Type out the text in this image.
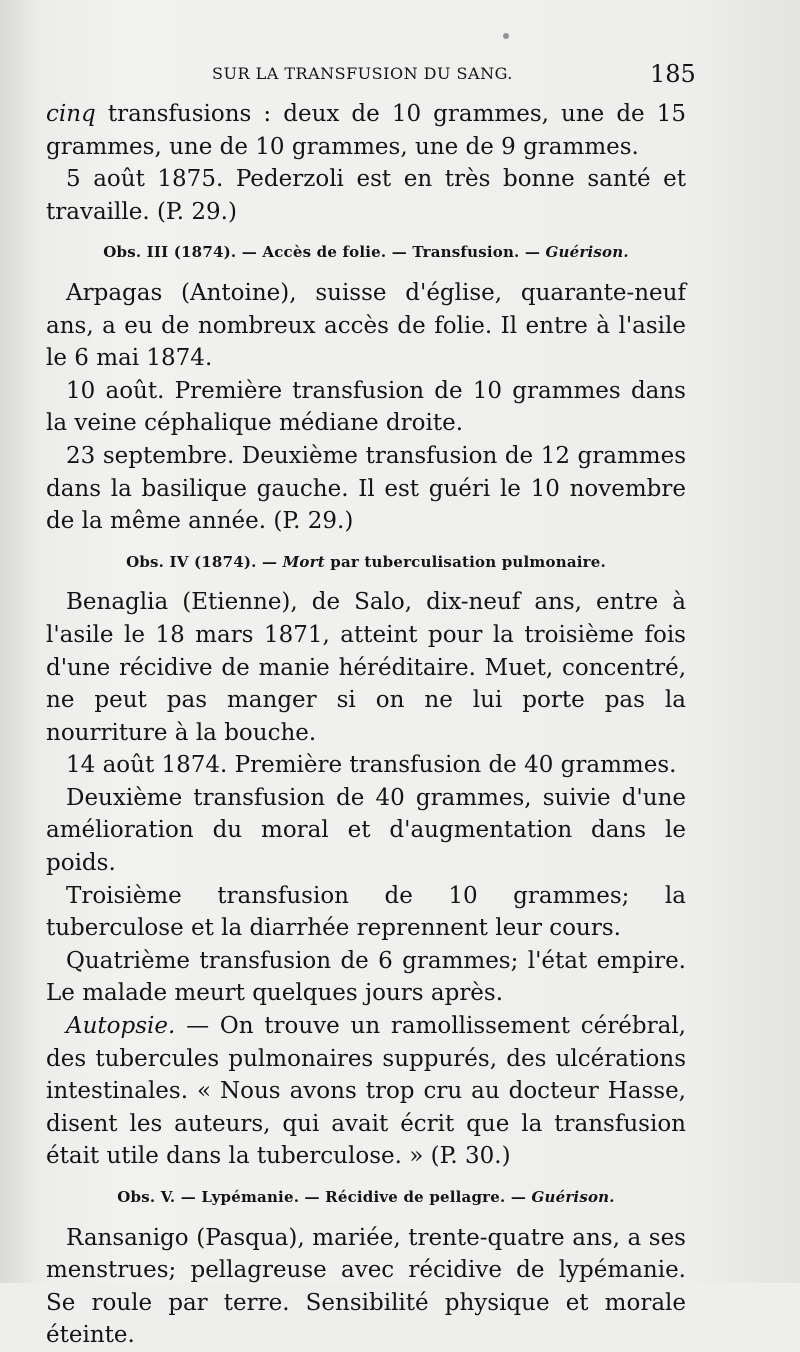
SUR LA TRANSFUSION DU SANG.	185

cinq transfusions : deux de 10 grammes, une de 15 grammes, une de 10 grammes, une de 9 grammes.

5 août 1875. Pederzoli est en très bonne santé et travaille. (P. 29.)

Obs. III (1874). — Accès de folie. — Transfusion. — Guérison.

Arpagas (Antoine), suisse d'église, quarante-neuf ans, a eu de nombreux accès de folie. Il entre à l'asile le 6 mai 1874.

10 août. Première transfusion de 10 grammes dans la veine céphalique médiane droite.

23 septembre. Deuxième transfusion de 12 grammes dans la basilique gauche. Il est guéri le 10 novembre de la même année. (P. 29.)

Obs. IV (1874). — Mort par tuberculisation pulmonaire.

Benaglia (Etienne), de Salo, dix-neuf ans, entre à l'asile le 18 mars 1871, atteint pour la troisième fois d'une récidive de manie héréditaire. Muet, concentré, ne peut pas manger si on ne lui porte pas la nourriture à la bouche.

14 août 1874. Première transfusion de 40 grammes.

Deuxième transfusion de 40 grammes, suivie d'une amélioration du moral et d'augmentation dans le poids.

Troisième transfusion de 10 grammes; la tuberculose et la diarrhée reprennent leur cours.

Quatrième transfusion de 6 grammes; l'état empire. Le malade meurt quelques jours après.

Autopsie. — On trouve un ramollissement cérébral, des tubercules pulmonaires suppurés, des ulcérations intestinales. « Nous avons trop cru au docteur Hasse, disent les auteurs, qui avait écrit que la transfusion était utile dans la tuberculose. » (P. 30.)

Obs. V. — Lypémanie. — Récidive de pellagre. — Guérison.

Ransanigo (Pasqua), mariée, trente-quatre ans, a ses menstrues; pellagreuse avec récidive de lypémanie. Se roule par terre. Sensibilité physique et morale éteinte.
